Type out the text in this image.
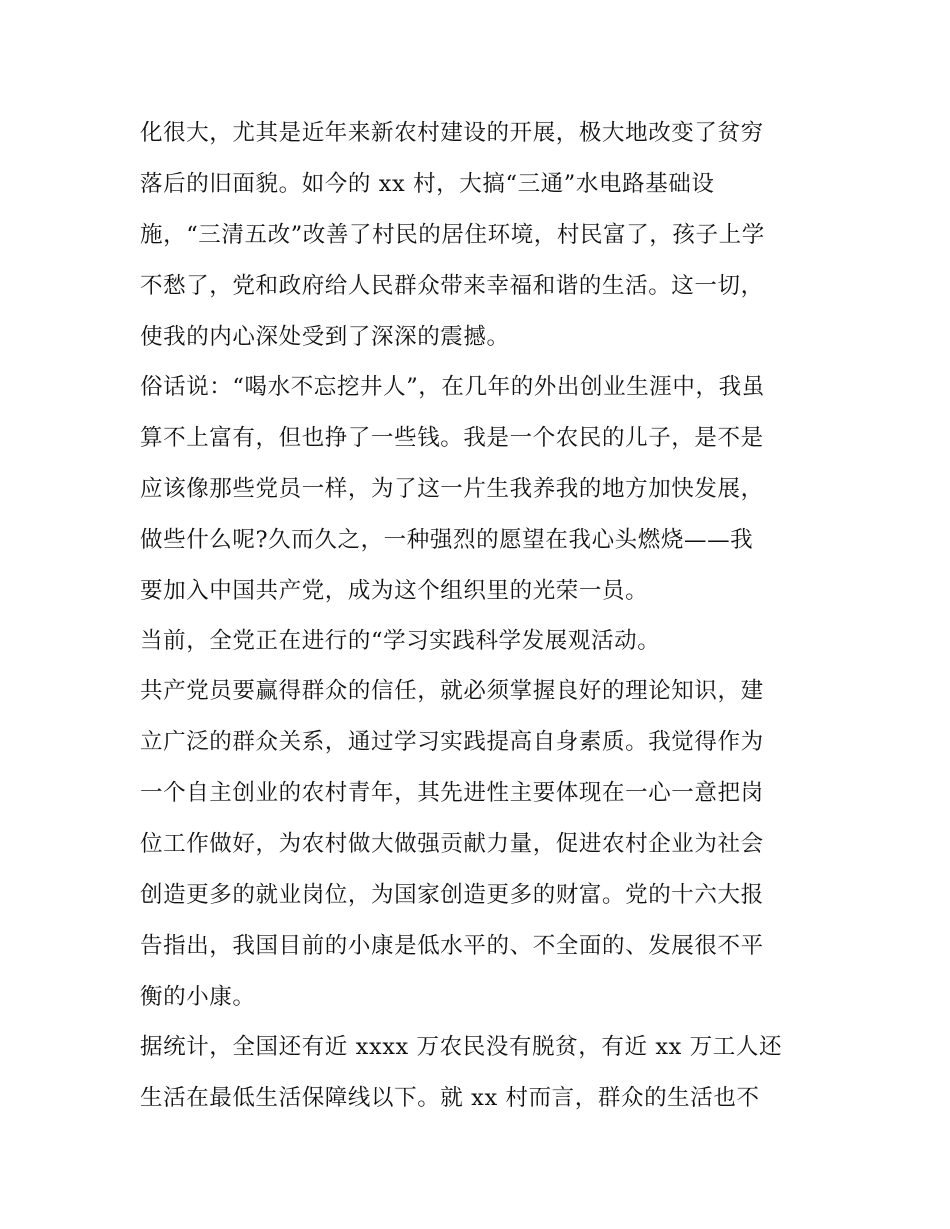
化很大，尤其是近年来新农村建设的开展，极大地改变了贫穷
落后的旧面貌。如今的 xx 村，大搞“三通”水电路基础设
施，“三清五改”改善了村民的居住环境，村民富了，孩子上学
不愁了，党和政府给人民群众带来幸福和谐的生活。这一切，
使我的内心深处受到了深深的震撼。
俗话说：“喝水不忘挖井人”，在几年的外出创业生涯中，我虽
算不上富有，但也挣了一些钱。我是一个农民的儿子，是不是
应该像那些党员一样，为了这一片生我养我的地方加快发展，
做些什么呢?久而久之，一种强烈的愿望在我心头燃烧——我
要加入中国共产党，成为这个组织里的光荣一员。
当前，全党正在进行的“学习实践科学发展观活动。
共产党员要赢得群众的信任，就必须掌握良好的理论知识，建
立广泛的群众关系，通过学习实践提高自身素质。我觉得作为
一个自主创业的农村青年，其先进性主要体现在一心一意把岗
位工作做好，为农村做大做强贡献力量，促进农村企业为社会
创造更多的就业岗位，为国家创造更多的财富。党的十六大报
告指出，我国目前的小康是低水平的、不全面的、发展很不平
衡的小康。
据统计，全国还有近 xxxx 万农民没有脱贫，有近 xx 万工人还
生活在最低生活保障线以下。就 xx 村而言，群众的生活也不
